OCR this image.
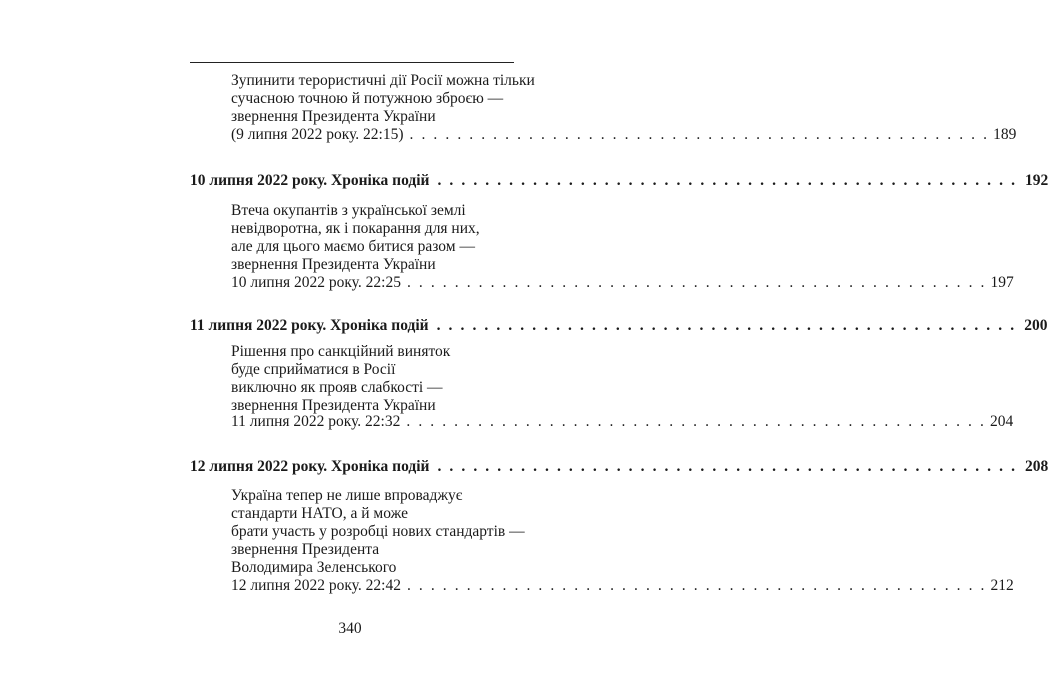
Зупинити терористичні дії Росії можна тільки
сучасною точною й потужною зброєю —
звернення Президента України
(9 липня 2022 року. 22:15) . . . . . . . . . . . . . . . . . . . . . . . . . . . . . . . . . . . . . . . . . . . . . . . . . 189
10 липня 2022 року. Хроніка подій . . . . . . . . . . . . . . . . . . . . . . . . . . . . . . . . . . . . . . . . . . . . . . . . . 192
Втеча окупантів з української землі
невідворотна, як і покарання для них,
але для цього маємо битися разом —
звернення Президента України
10 липня 2022 року. 22:25 . . . . . . . . . . . . . . . . . . . . . . . . . . . . . . . . . . . . . . . . . . . . . . . . . 197
11 липня 2022 року. Хроніка подій . . . . . . . . . . . . . . . . . . . . . . . . . . . . . . . . . . . . . . . . . . . . . . . . . 200
Рішення про санкційний виняток
буде сприйматися в Росії
виключно як прояв слабкості —
звернення Президента України
11 липня 2022 року. 22:32 . . . . . . . . . . . . . . . . . . . . . . . . . . . . . . . . . . . . . . . . . . . . . . . . . 204
12 липня 2022 року. Хроніка подій . . . . . . . . . . . . . . . . . . . . . . . . . . . . . . . . . . . . . . . . . . . . . . . . . 208
Україна тепер не лише впроваджує
стандарти НАТО, а й може
брати участь у розробці нових стандартів —
звернення Президента
Володимира Зеленського
12 липня 2022 року. 22:42 . . . . . . . . . . . . . . . . . . . . . . . . . . . . . . . . . . . . . . . . . . . . . . . . . 212
340
